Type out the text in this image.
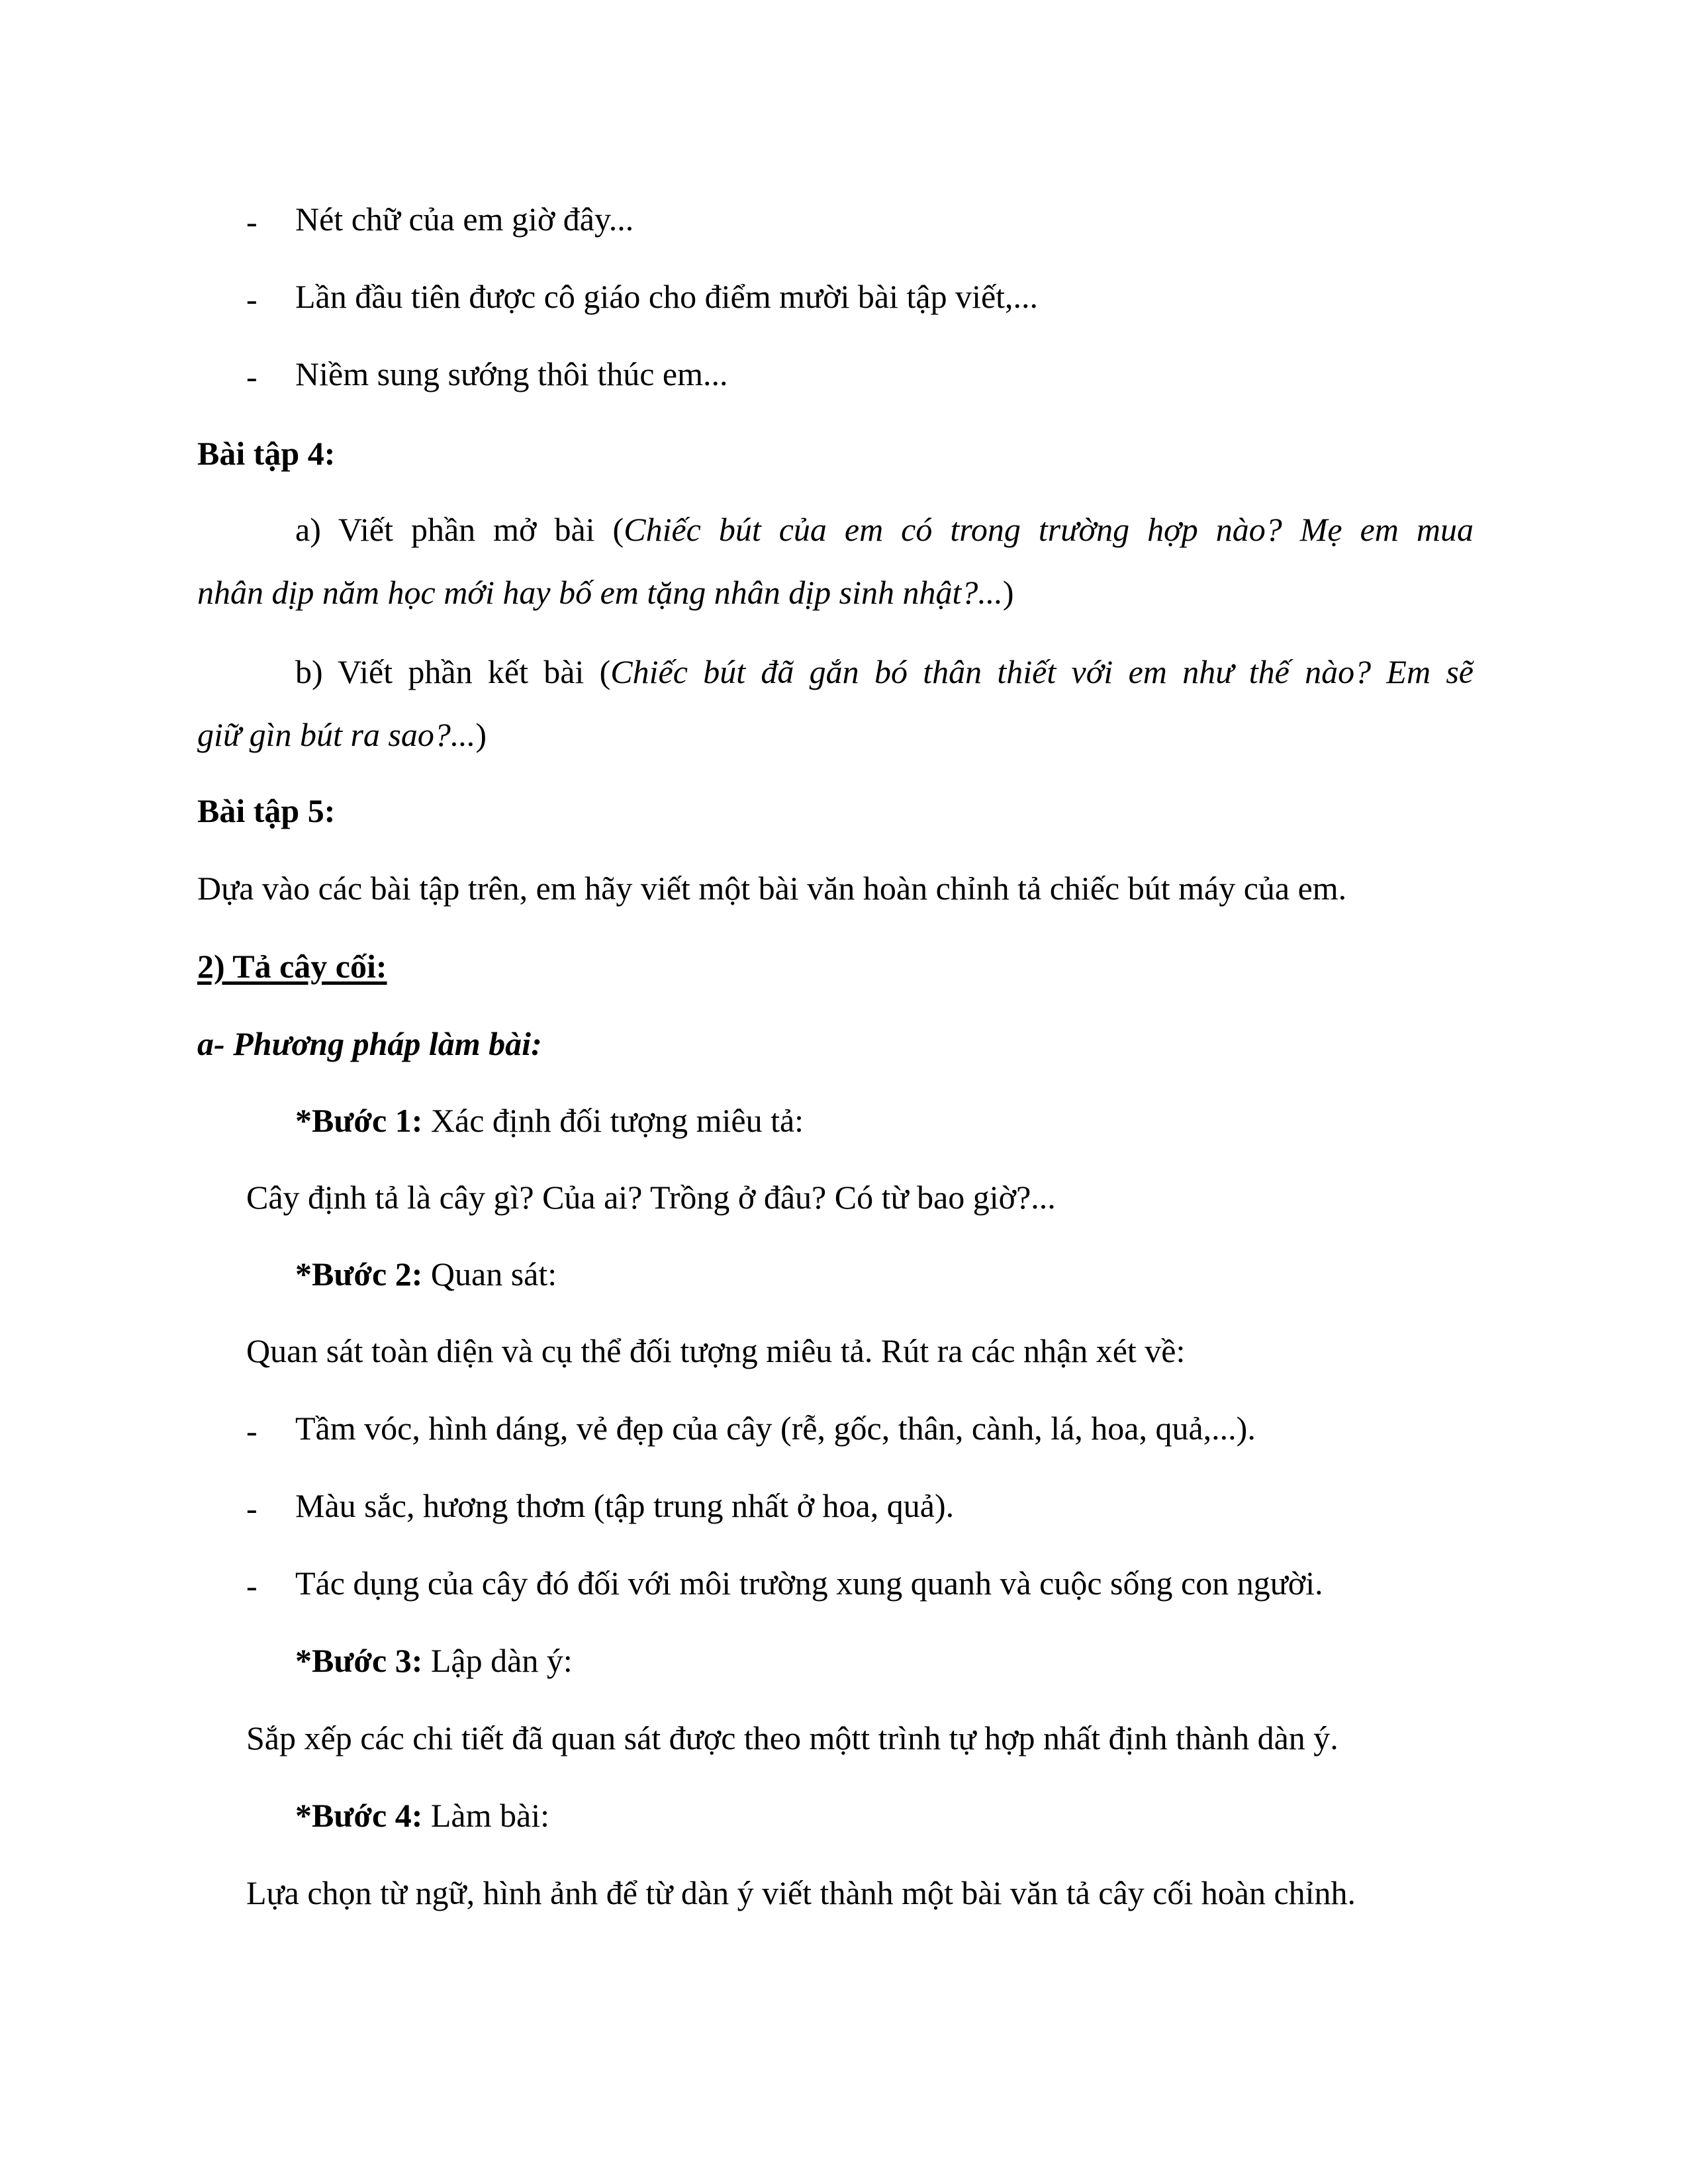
- Nét chữ của em giờ đây...
- Lần đầu tiên được cô giáo cho điểm mười bài tập viết,...
- Niềm sung sướng thôi thúc em...
Bài tập 4:
a) Viết phần mở bài (Chiếc bút của em có trong trường hợp nào? Mẹ em mua
nhân dịp năm học mới hay bố em tặng nhân dịp sinh nhật?...)
b) Viết phần kết bài (Chiếc bút đã gắn bó thân thiết với em như thế nào? Em sẽ
giữ gìn bút ra sao?...)
Bài tập 5:
Dựa vào các bài tập trên, em hãy viết một bài văn hoàn chỉnh tả chiếc bút máy của em.
2) Tả cây cối:
a- Phương pháp làm bài:
*Bước 1: Xác định đối tượng miêu tả:
Cây định tả là cây gì? Của ai? Trồng ở đâu? Có từ bao giờ?...
*Bước 2: Quan sát:
Quan sát toàn diện và cụ thể đối tượng miêu tả. Rút ra các nhận xét về:
- Tầm vóc, hình dáng, vẻ đẹp của cây (rễ, gốc, thân, cành, lá, hoa, quả,...).
- Màu sắc, hương thơm (tập trung nhất ở hoa, quả).
- Tác dụng của cây đó đối với môi trường xung quanh và cuộc sống con người.
*Bước 3: Lập dàn ý:
Sắp xếp các chi tiết đã quan sát được theo mộtt trình tự hợp nhất định thành dàn ý.
*Bước 4: Làm bài:
Lựa chọn từ ngữ, hình ảnh để từ dàn ý viết thành một bài văn tả cây cối hoàn chỉnh.
